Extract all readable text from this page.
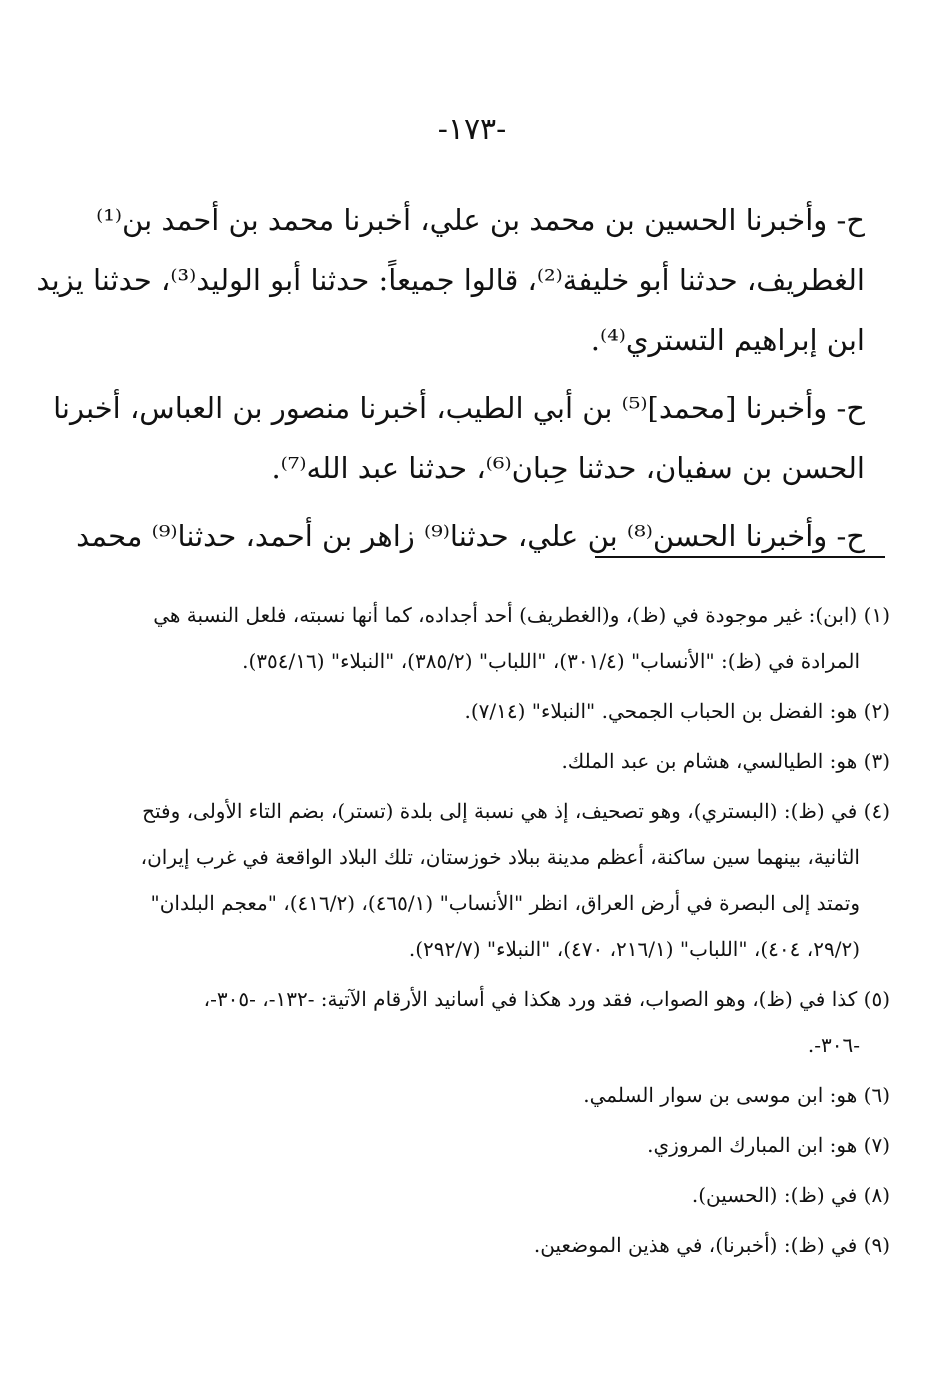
-١٧٣-
ح- وأخبرنا الحسين بن محمد بن علي، أخبرنا محمد بن أحمد بن⁽¹⁾
الغطريف، حدثنا أبو خليفة⁽²⁾، قالوا جميعاً: حدثنا أبو الوليد⁽³⁾، حدثنا يزيد
ابن إبراهيم التستري⁽⁴⁾.
ح- وأخبرنا [محمد]⁽⁵⁾ بن أبي الطيب، أخبرنا منصور بن العباس، أخبرنا
الحسن بن سفيان، حدثنا حِبان⁽⁶⁾، حدثنا عبد الله⁽⁷⁾.
ح- وأخبرنا الحسن⁽⁸⁾ بن علي، حدثنا⁽⁹⁾ زاهر بن أحمد، حدثنا⁽⁹⁾ محمد
(١) (ابن): غير موجودة في (ظ)، و(الغطريف) أحد أجداده، كما أنها نسبته، فلعل النسبة هي
المرادة في (ظ): "الأنساب" (٣٠١/٤)، "اللباب" (٣٨٥/٢)، "النبلاء" (٣٥٤/١٦).
(٢) هو: الفضل بن الحباب الجمحي. "النبلاء" (٧/١٤).
(٣) هو: الطيالسي، هشام بن عبد الملك.
(٤) في (ظ): (البستري)، وهو تصحيف، إذ هي نسبة إلى بلدة (تستر)، بضم التاء الأولى، وفتح
الثانية، بينهما سين ساكنة، أعظم مدينة ببلاد خوزستان، تلك البلاد الواقعة في غرب إيران،
وتمتد إلى البصرة في أرض العراق، انظر "الأنساب" (٤٦٥/١)، (٤١٦/٢)، "معجم البلدان"
(٢٩/٢، ٤٠٤)، "اللباب" (٢١٦/١، ٤٧٠)، "النبلاء" (٢٩٢/٧).
(٥) كذا في (ظ)، وهو الصواب، فقد ورد هكذا في أسانيد الأرقام الآتية: -١٣٢-، -٣٠٥-،
-٣٠٦-.
(٦) هو: ابن موسى بن سوار السلمي.
(٧) هو: ابن المبارك المروزي.
(٨) في (ظ): (الحسين).
(٩) في (ظ): (أخبرنا)، في هذين الموضعين.
